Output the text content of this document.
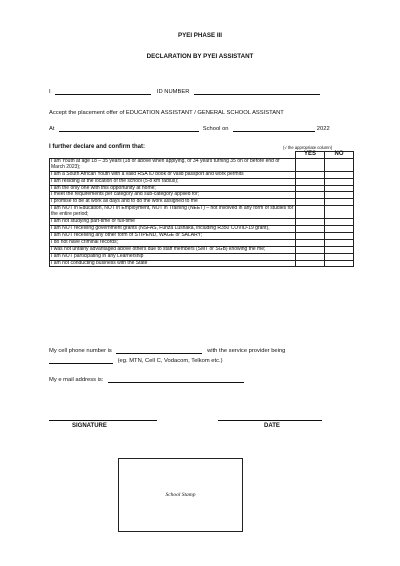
PYEI PHASE III
DECLARATION BY PYEI ASSISTANT
I	ID NUMBER
Accept the placement offer of EDUCATION ASSISTANT / GENERAL SCHOOL ASSISTANT
At	School on	2022
I further declare and confirm that:	(√ the appropriate column)
	YES	NO
I am Youth at age 18 – 35 years (18 or above when applying, or 34 years turning 35 on or before end of March 2023);		
I am a South African Youth with a valid RSA ID book or valid passport and work permits		
I am residing at the location of the school (5-8 km radius);		
I am the only one with this opportunity at home;		
I meet the requirements per category and sub-category applied for;		
I promise to be at work all days and to do the work assigned to me		
I am NOT in Education, NOT in Employment, NOT in Training (NEET) – not involved in any form of studies for the entire period;		
I am not studying part-time or full-time		
I am NOT receiving government grants (NSFAS, Funza Lushaka, including R350 COVID-19 grant),		
I am NOT receiving any other form of STIPEND, WAGE or SALARY;		
I do not have criminal records;		
I was not unfairly advantaged above others due to staff members (SMT or SGB) knowing the me;		
I am NOT participating in any Learnership		
I am not conducting business with the State		
My cell phone number is	with the service provider being
(eg. MTN, Cell C, Vodacom, Telkom etc.)
My e mail address is:
SIGNATURE	DATE
School Stamp
